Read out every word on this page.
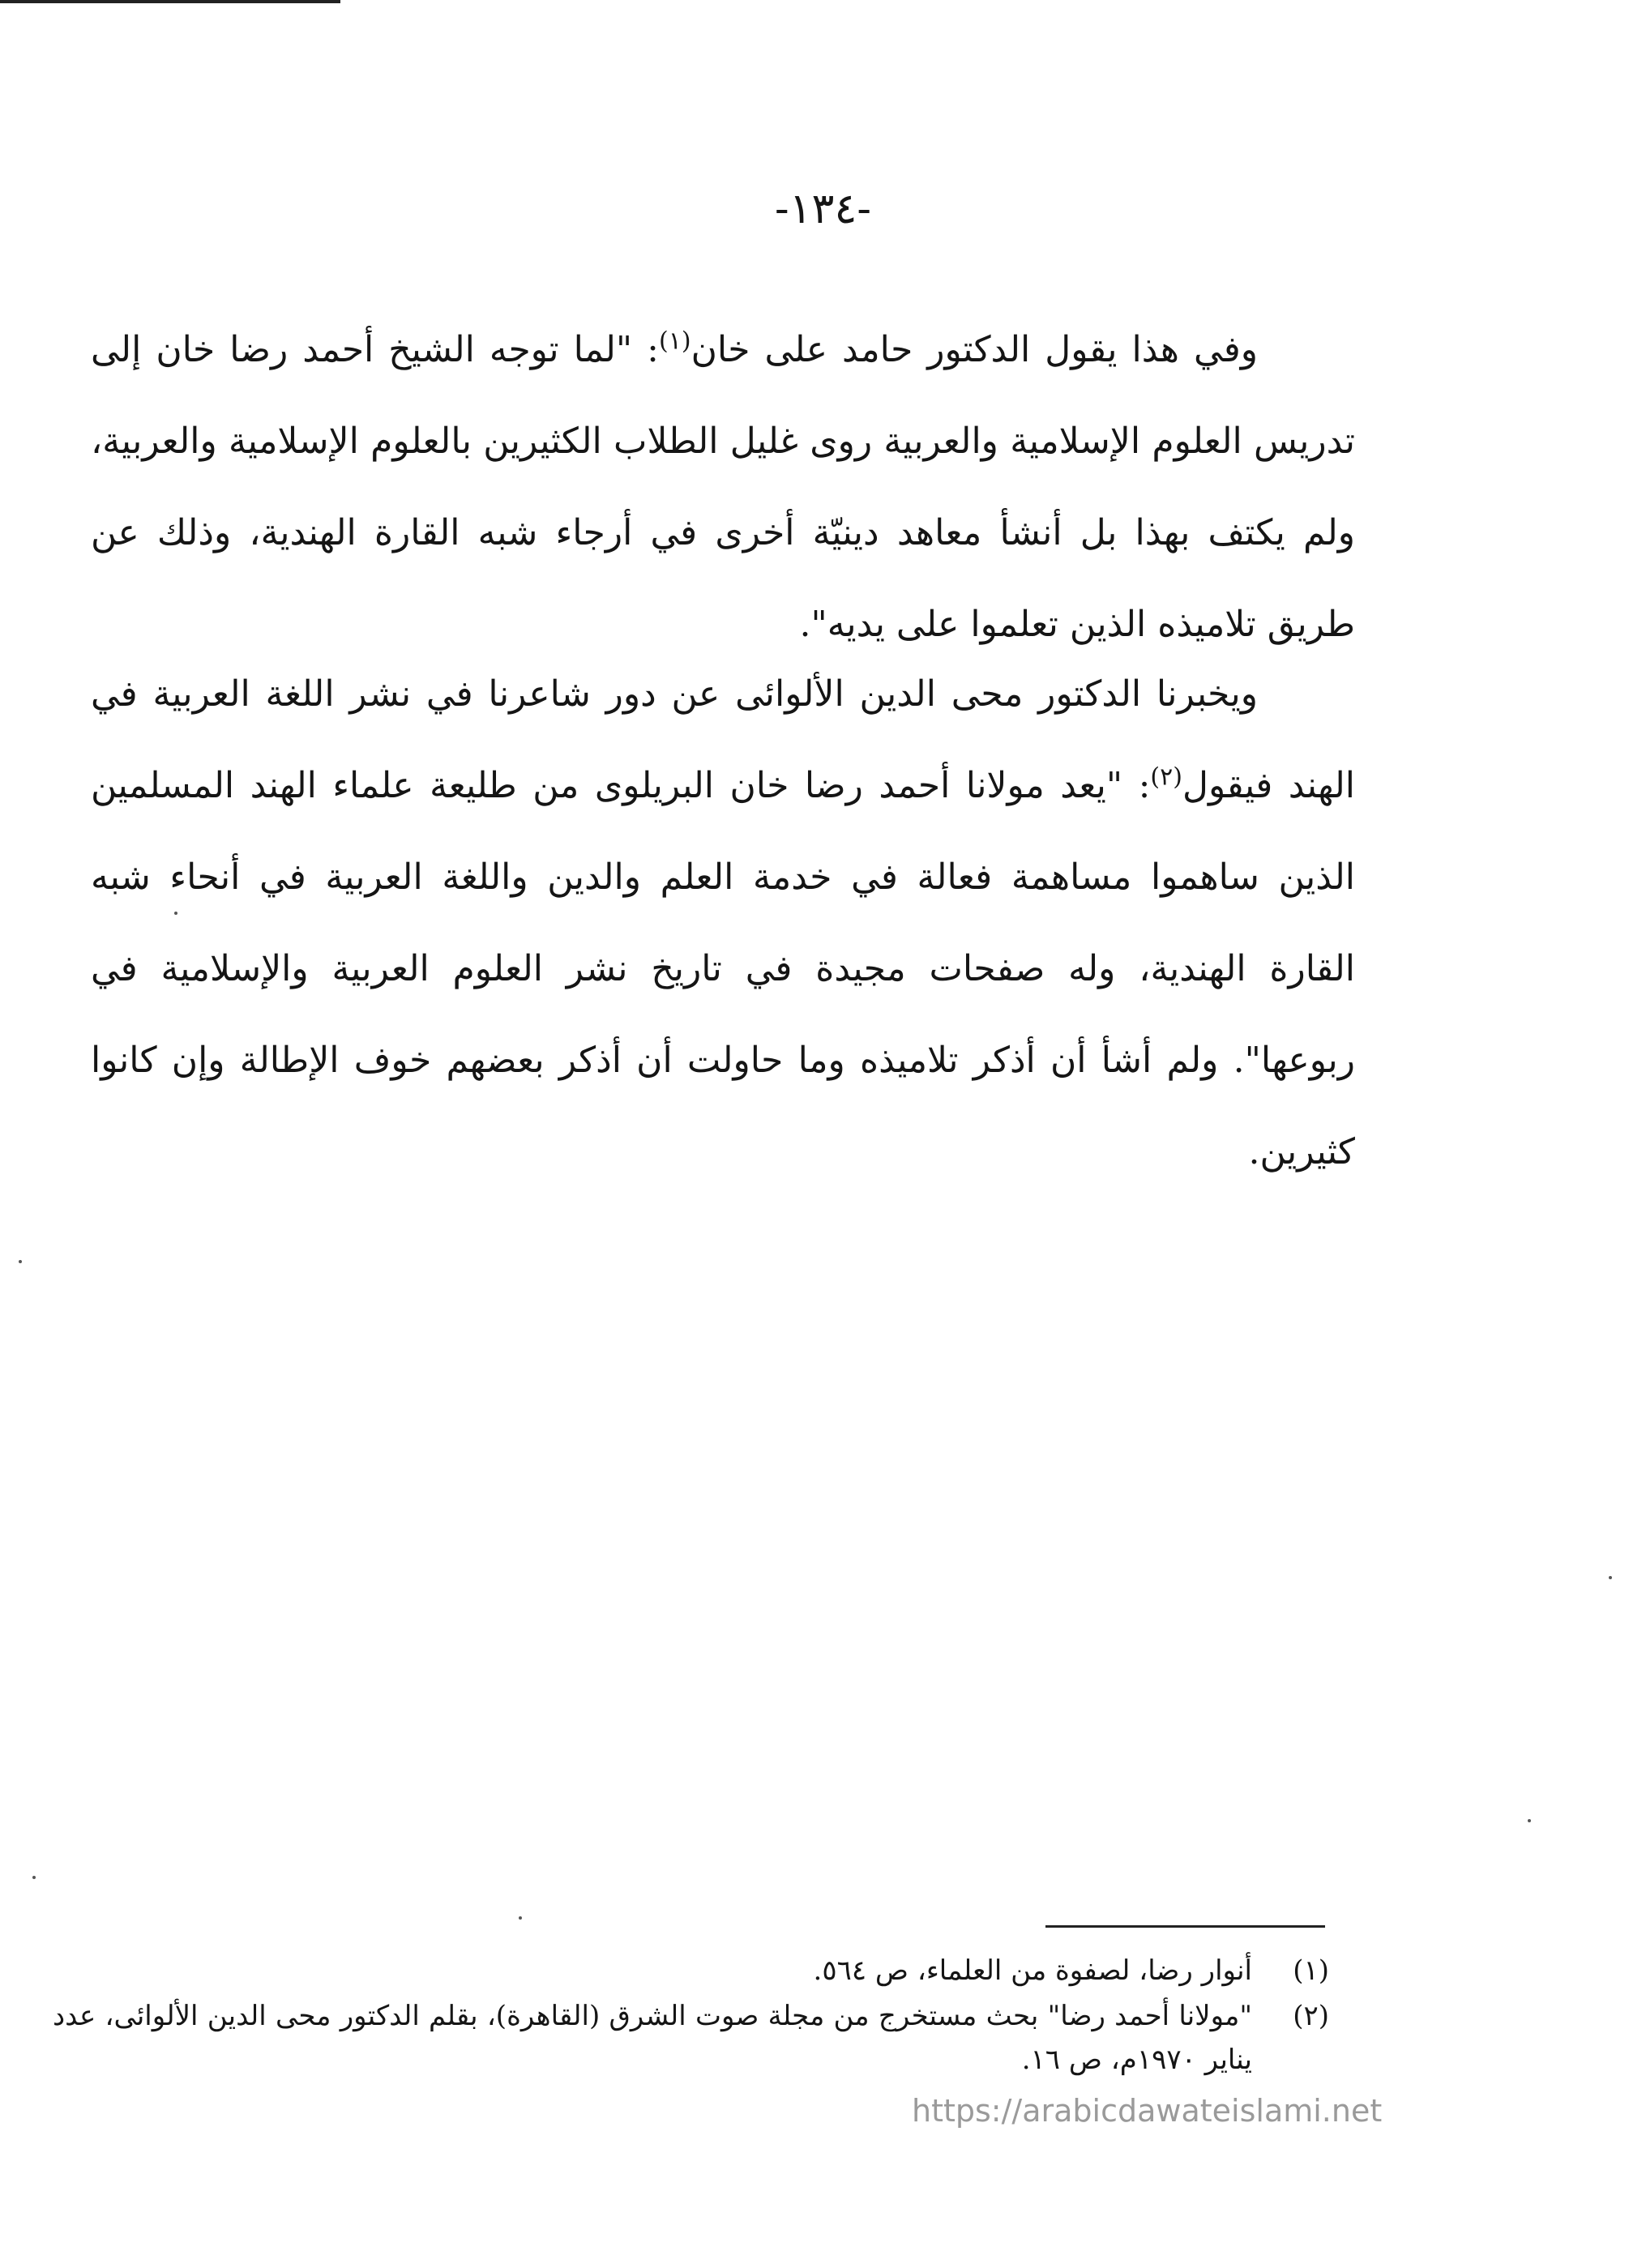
-١٣٤-

وفي هذا يقول الدكتور حامد على خان$^{(١)}$: "لما توجه الشيخ أحمد رضا خان إلى تدريس العلوم الإسلامية والعربية روى غليل الطلاب الكثيرين بالعلوم الإسلامية والعربية، ولم يكتف بهذا بل أنشأ معاهد دينيّة أخرى في أرجاء شبه القارة الهندية، وذلك عن طريق تلاميذه الذين تعلموا على يديه".

ويخبرنا الدكتور محى الدين الألوائى عن دور شاعرنا في نشر اللغة العربية في الهند فيقول$^{(٢)}$: "يعد مولانا أحمد رضا خان البريلوى من طليعة علماء الهند المسلمين الذين ساهموا مساهمة فعالة في خدمة العلم والدين واللغة العربية في أنحاء شبه القارة الهندية، وله صفحات مجيدة في تاريخ نشر العلوم العربية والإسلامية في ربوعها". ولم أشأ أن أذكر تلاميذه وما حاولت أن أذكر بعضهم خوف الإطالة وإن كانوا كثيرين.

(١)
أنوار رضا، لصفوة من العلماء، ص ٥٦٤.
(٢)
"مولانا أحمد رضا" بحث مستخرج من مجلة صوت الشرق (القاهرة)، بقلم الدكتور محى الدين الألوائى، عدد يناير ١٩٧٠م، ص ١٦.
https://arabicdawateislami.net
